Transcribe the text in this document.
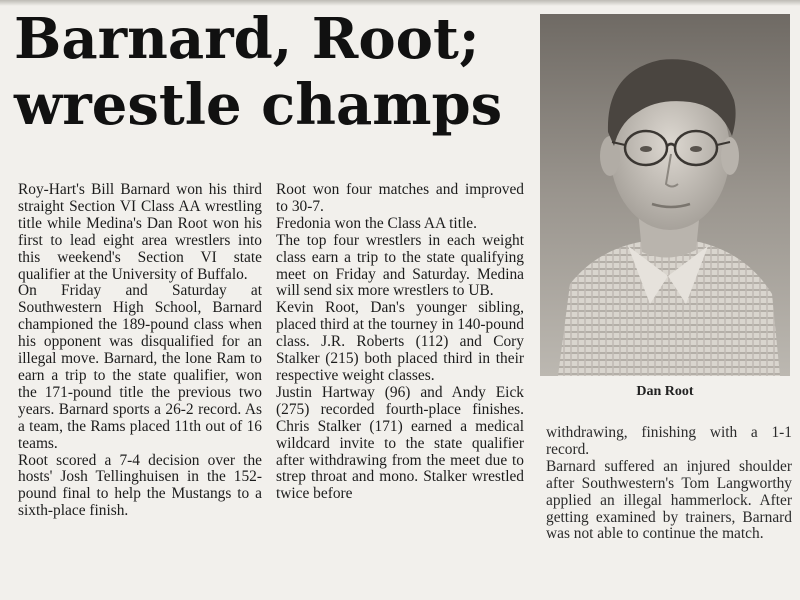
Barnard, Root;
wrestle champs

Roy-Hart's Bill Barnard won his third straight Section VI Class AA wrestling title while Medina's Dan Root won his first to lead eight area wrestlers into this weekend's Section VI state qualifier at the University of Buffalo.

On Friday and Saturday at Southwestern High School, Barnard championed the 189-pound class when his opponent was disqualified for an illegal move. Barnard, the lone Ram to earn a trip to the state qualifier, won the 171-pound title the previous two years. Barnard sports a 26-2 record. As a team, the Rams placed 11th out of 16 teams.

Root scored a 7-4 decision over the hosts' Josh Tellinghuisen in the 152-pound final to help the Mustangs to a sixth-place finish.

Root won four matches and improved to 30-7.

Fredonia won the Class AA title.

The top four wrestlers in each weight class earn a trip to the state qualifying meet on Friday and Saturday. Medina will send six more wrestlers to UB.

Kevin Root, Dan's younger sibling, placed third at the tourney in 140-pound class. J.R. Roberts (112) and Cory Stalker (215) both placed third in their respective weight classes.

Justin Hartway (96) and Andy Eick (275) recorded fourth-place finishes. Chris Stalker (171) earned a medical wildcard invite to the state qualifier after withdrawing from the meet due to strep throat and mono. Stalker wrestled twice before

Dan Root

withdrawing, finishing with a 1-1 record.

Barnard suffered an injured shoulder after Southwestern's Tom Langworthy applied an illegal hammerlock. After getting examined by trainers, Barnard was not able to continue the match.
